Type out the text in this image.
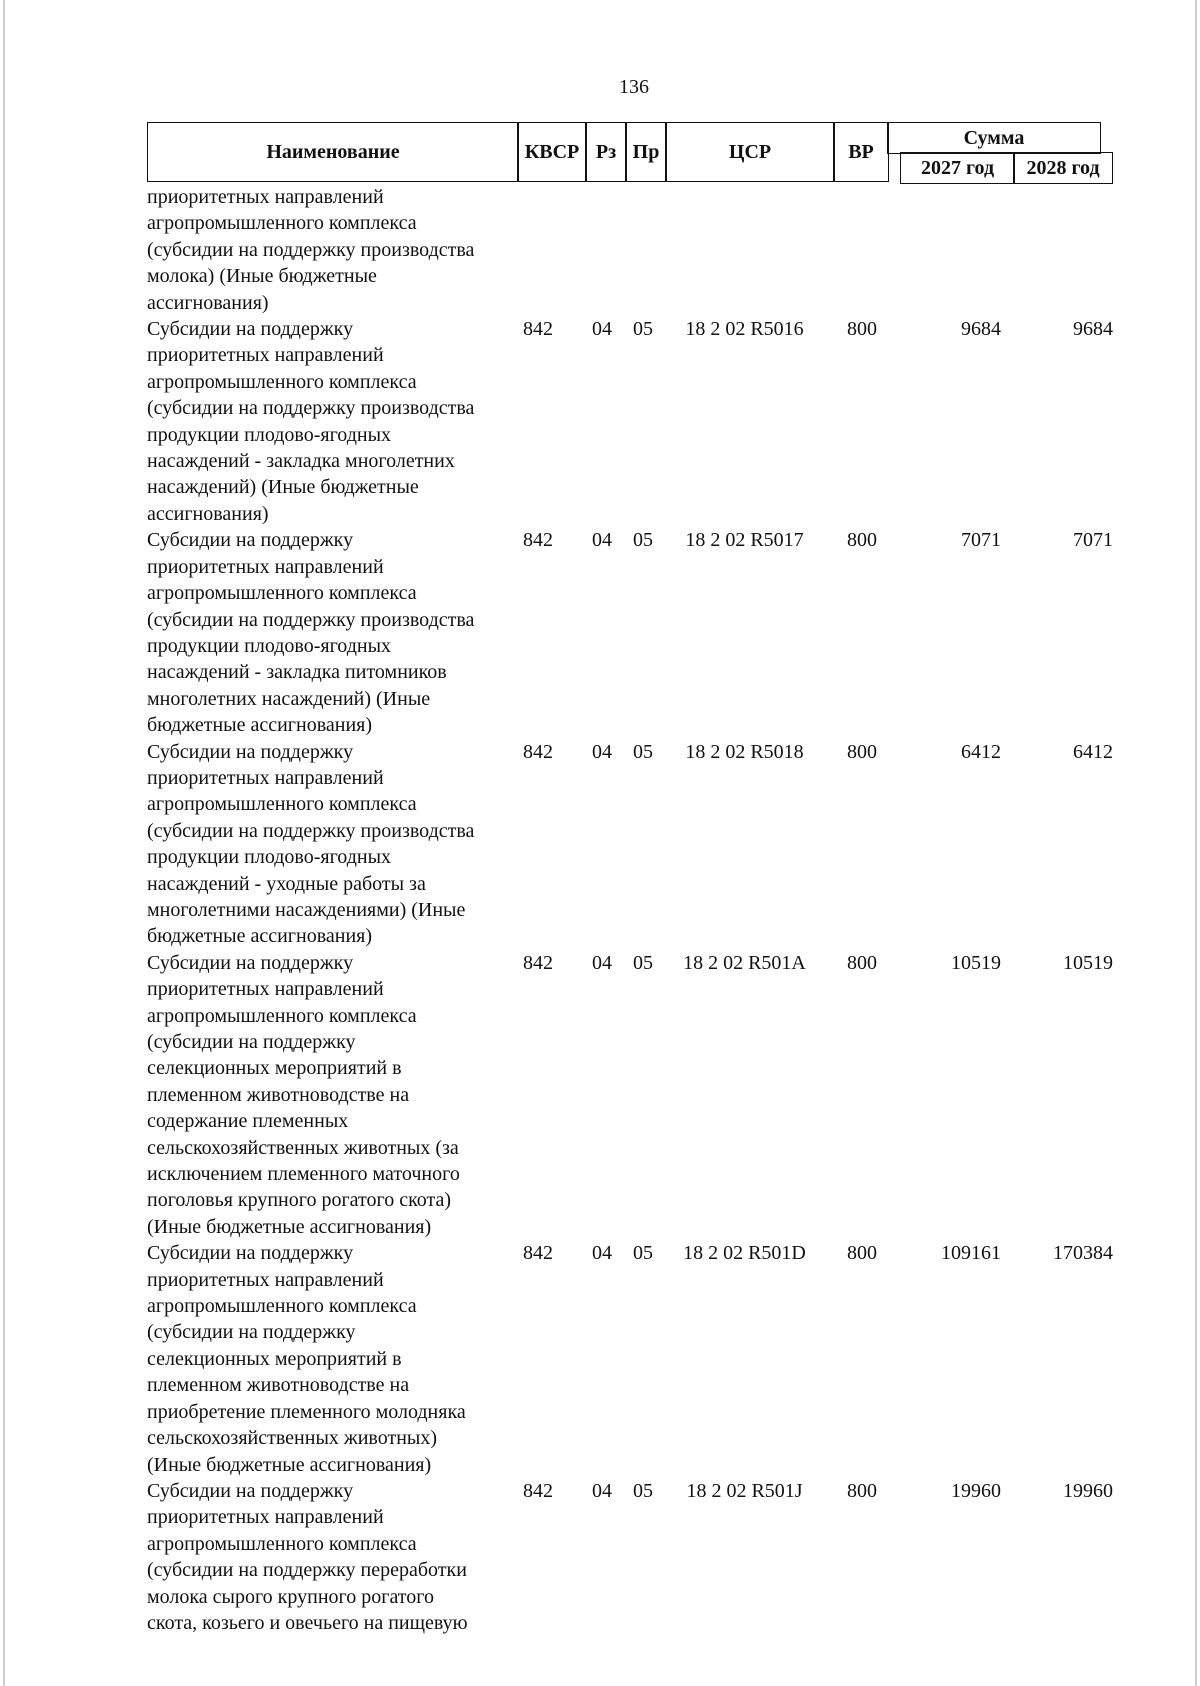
136
Наименование	КВСР Рз Пр	ЦСР	ВР
Сумма
2027 год	2028 год
приоритетных направлений
агропромышленного комплекса
(субсидии на поддержку производства
молока) (Иные бюджетные
ассигнования)
Субсидии на поддержку
приоритетных направлений
агропромышленного комплекса
(субсидии на поддержку производства
продукции плодово-ягодных
насаждений - закладка многолетних
насаждений) (Иные бюджетные
ассигнования)
842	04 05	18 2 02 R5016	800	9684	9684
Субсидии на поддержку
приоритетных направлений
агропромышленного комплекса
(субсидии на поддержку производства
продукции плодово-ягодных
насаждений - закладка питомников
многолетних насаждений) (Иные
бюджетные ассигнования)
842	04 05	18 2 02 R5017	800	7071	7071
Субсидии на поддержку
приоритетных направлений
агропромышленного комплекса
(субсидии на поддержку производства
продукции плодово-ягодных
насаждений - уходные работы за
многолетними насаждениями) (Иные
бюджетные ассигнования)
842	04 05	18 2 02 R5018	800	6412	6412
Субсидии на поддержку
приоритетных направлений
агропромышленного комплекса
(субсидии на поддержку
селекционных мероприятий в
племенном животноводстве на
содержание племенных
сельскохозяйственных животных (за
исключением племенного маточного
поголовья крупного рогатого скота)
(Иные бюджетные ассигнования)
842	04 05	18 2 02 R501A	800	10519	10519
Субсидии на поддержку
приоритетных направлений
агропромышленного комплекса
(субсидии на поддержку
селекционных мероприятий в
племенном животноводстве на
приобретение племенного молодняка
сельскохозяйственных животных)
(Иные бюджетные ассигнования)
842	04 05	18 2 02 R501D	800	109161	170384
Субсидии на поддержку
приоритетных направлений
агропромышленного комплекса
(субсидии на поддержку переработки
молока сырого крупного рогатого
скота, козьего и овечьего на пищевую
842	04 05	18 2 02 R501J	800	19960	19960
